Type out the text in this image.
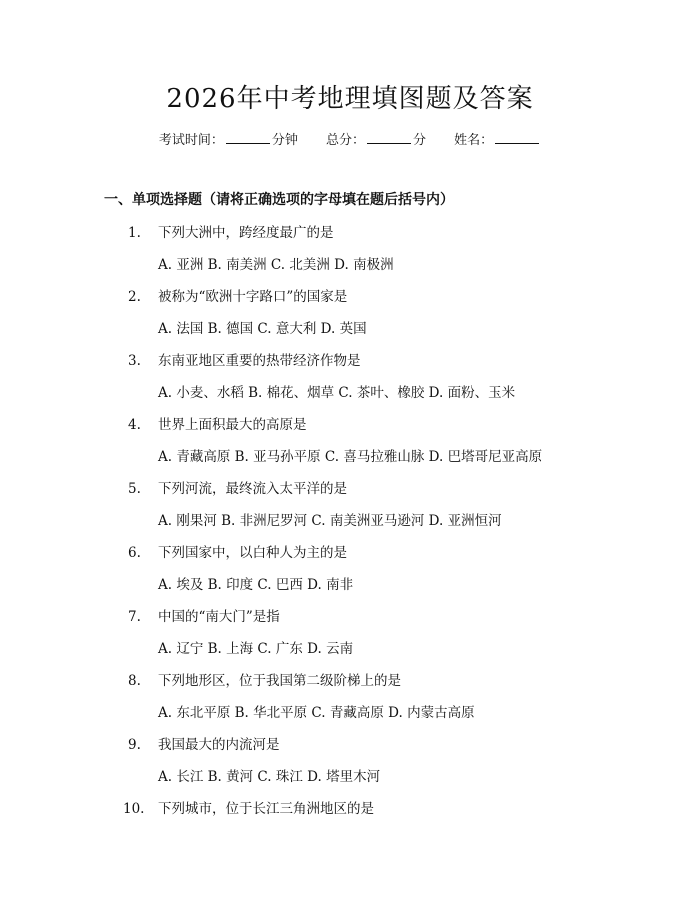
2026年中考地理填图题及答案
考试时间：	分钟 总分：	分 姓名：
一、单项选择题（请将正确选项的字母填在题后括号内）
1. 下列大洲中，跨经度最广的是
A. 亚洲 B. 南美洲 C. 北美洲 D. 南极洲
2. 被称为“欧洲十字路口”的国家是
A. 法国 B. 德国 C. 意大利 D. 英国
3. 东南亚地区重要的热带经济作物是
A. 小麦、水稻 B. 棉花、烟草 C. 茶叶、橡胶 D. 面粉、玉米
4. 世界上面积最大的高原是
A. 青藏高原 B. 亚马孙平原 C. 喜马拉雅山脉 D. 巴塔哥尼亚高原
5. 下列河流，最终流入太平洋的是
A. 刚果河 B. 非洲尼罗河 C. 南美洲亚马逊河 D. 亚洲恒河
6. 下列国家中，以白种人为主的是
A. 埃及 B. 印度 C. 巴西 D. 南非
7. 中国的“南大门”是指
A. 辽宁 B. 上海 C. 广东 D. 云南
8. 下列地形区，位于我国第二级阶梯上的是
A. 东北平原 B. 华北平原 C. 青藏高原 D. 内蒙古高原
9. 我国最大的内流河是
A. 长江 B. 黄河 C. 珠江 D. 塔里木河
10. 下列城市，位于长江三角洲地区的是
